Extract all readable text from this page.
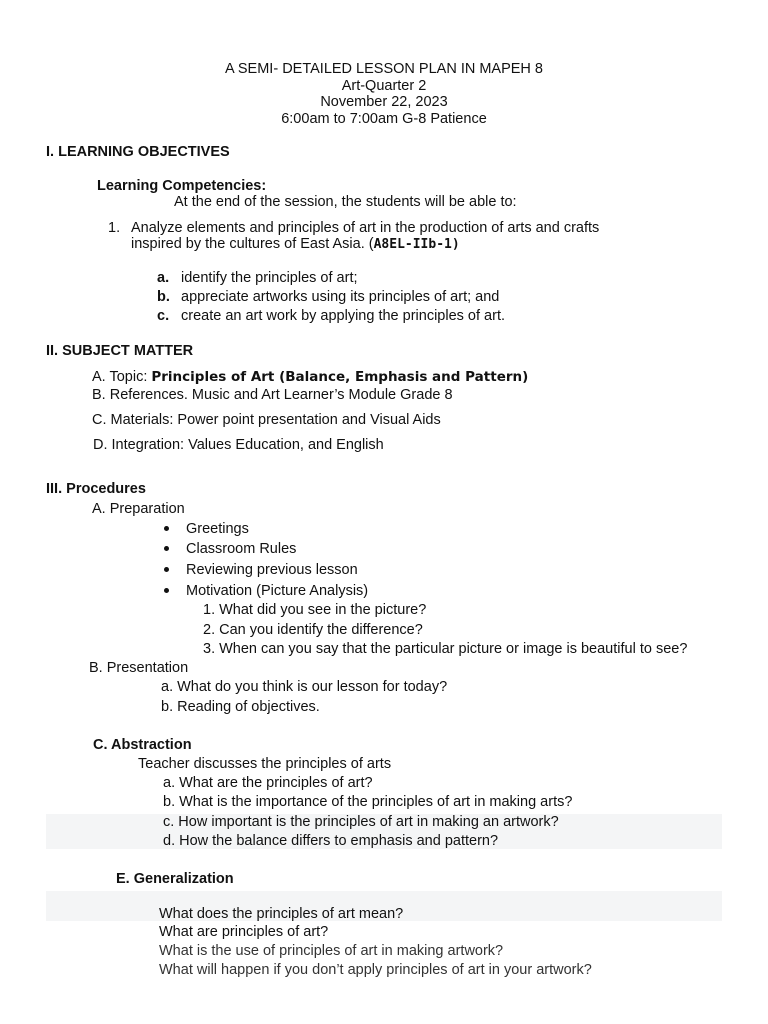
A SEMI- DETAILED LESSON PLAN IN MAPEH 8
Art-Quarter 2
November 22, 2023
6:00am to 7:00am G-8 Patience
I. LEARNING OBJECTIVES
Learning Competencies:
At the end of the session, the students will be able to:
1. Analyze elements and principles of art in the production of arts and crafts
inspired by the cultures of East Asia. (A8EL-IIb-1)
a. identify the principles of art;
b. appreciate artworks using its principles of art; and
c. create an art work by applying the principles of art.
II. SUBJECT MATTER
A. Topic: Principles of Art (Balance, Emphasis and Pattern)
B. References. Music and Art Learner’s Module Grade 8
C. Materials: Power point presentation and Visual Aids
D. Integration: Values Education, and English
III. Procedures
A. Preparation
Greetings
Classroom Rules
Reviewing previous lesson
Motivation (Picture Analysis)
1. What did you see in the picture?
2. Can you identify the difference?
3. When can you say that the particular picture or image is beautiful to see?
B. Presentation
a. What do you think is our lesson for today?
b. Reading of objectives.
C. Abstraction
Teacher discusses the principles of arts
a. What are the principles of art?
b. What is the importance of the principles of art in making arts?
c. How important is the principles of art in making an artwork?
d. How the balance differs to emphasis and pattern?
E. Generalization
What does the principles of art mean?
What are principles of art?
What is the use of principles of art in making artwork?
What will happen if you don’t apply principles of art in your artwork?
